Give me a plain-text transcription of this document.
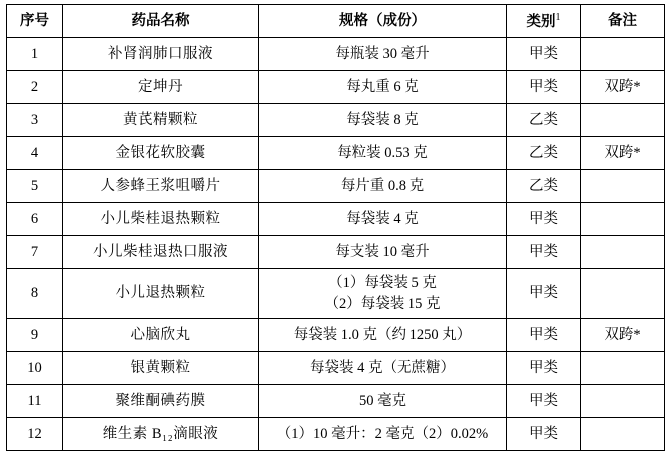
序号	药品名称	规格（成份）	类别$^1$	备注
1	补肾润肺口服液	每瓶装 30 毫升	甲类	
2	定坤丹	每丸重 6 克	甲类	双跨*
3	黄芪精颗粒	每袋装 8 克	乙类	
4	金银花软胶囊	每粒装 0.53 克	乙类	双跨*
5	人参蜂王浆咀嚼片	每片重 0.8 克	乙类	
6	小儿柴桂退热颗粒	每袋装 4 克	甲类	
7	小儿柴桂退热口服液	每支装 10 毫升	甲类	
8	小儿退热颗粒	（1）每袋装 5 克
（2）每袋装 15 克	甲类	
9	心脑欣丸	每袋装 1.0 克（约 1250 丸）	甲类	双跨*
10	银黄颗粒	每袋装 4 克（无蔗糖）	甲类	
11	聚维酮碘药膜	50 毫克	甲类	
12	维生素 B₁₂滴眼液	（1）10 毫升：2 毫克（2）0.02%	甲类	
